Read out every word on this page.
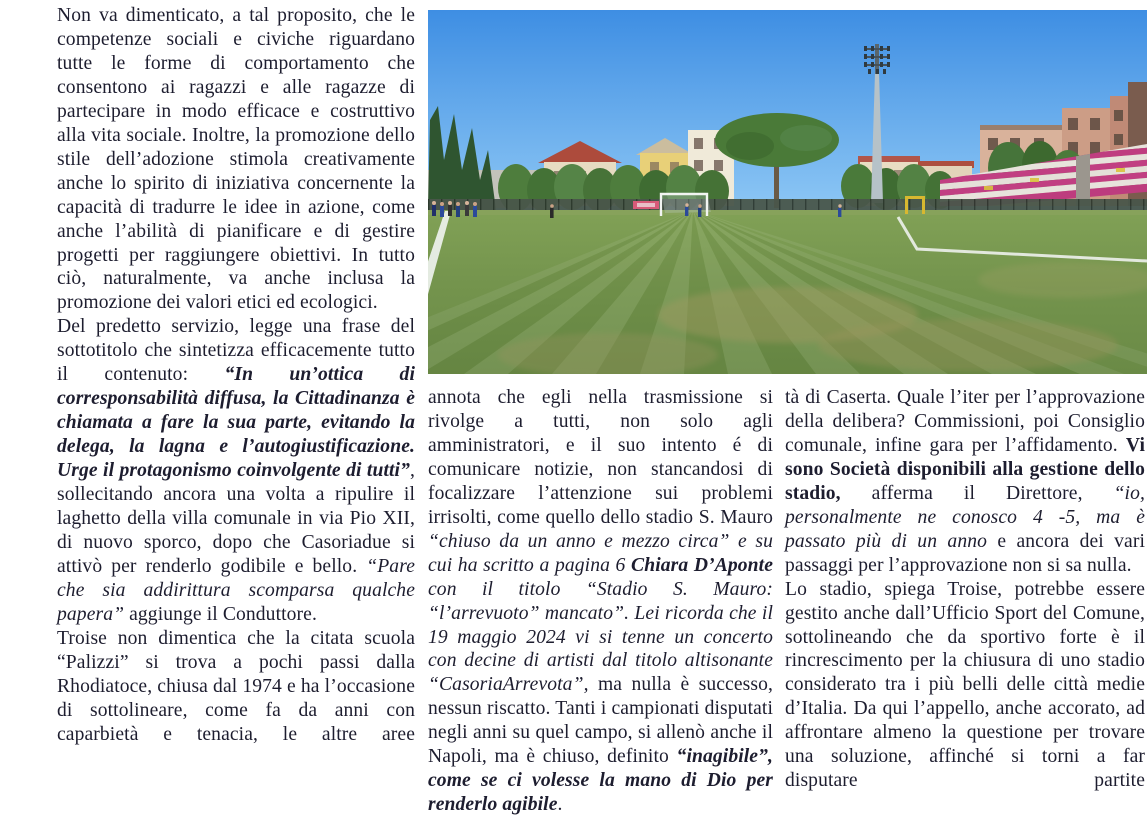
Non va dimenticato, a tal proposito, che le competenze sociali e civiche riguardano tutte le forme di comportamento che consentono ai ragazzi e alle ragazze di partecipare in modo efficace e costruttivo alla vita sociale. Inoltre, la promozione dello stile dell’adozione stimola creativamente anche lo spirito di iniziativa concernente la capacità di tradurre le idee in azione, come anche l’abilità di pianificare e di gestire progetti per raggiungere obiettivi. In tutto ciò, naturalmente, va anche inclusa la promozione dei valori etici ed ecologici.

Del predetto servizio, legge una frase del sottotitolo che sintetizza efficacemente tutto il contenuto: “In un’ottica di corresponsabilità diffusa, la Cittadinanza è chiamata a fare la sua parte, evitando la delega, la lagna e l’autogiustificazione. Urge il protagonismo coinvolgente di tutti”, sollecitando ancora una volta a ripulire il laghetto della villa comunale in via Pio XII, di nuovo sporco, dopo che Casoriadue si attivò per renderlo godibile e bello. “Pare che sia addirittura scomparsa qualche papera” aggiunge il Conduttore.

Troise non dimentica che la citata scuola “Palizzi” si trova a pochi passi dalla Rhodiatoce, chiusa dal 1974 e ha l’occasione di sottolineare, come fa da anni con caparbietà e tenacia, le altre aree

annota che egli nella trasmissione si rivolge a tutti, non solo agli amministratori, e il suo intento é di comunicare notizie, non stancandosi di focalizzare l’attenzione sui problemi irrisolti, come quello dello stadio S. Mauro “chiuso da un anno e mezzo circa” e su cui ha scritto a pagina 6 Chiara D’Aponte con il titolo “Stadio S. Mauro: “l’arrevuoto” mancato”. Lei ricorda che il 19 maggio 2024 vi si tenne un concerto con decine di artisti dal titolo altisonante “CasoriaArrevota”, ma nulla è successo, nessun riscatto. Tanti i campionati disputati negli anni su quel campo, si allenò anche il Napoli, ma è chiuso, definito “inagibile”, come se ci volesse la mano di Dio per renderlo agibile.

tà di Caserta. Quale l’iter per l’approvazione della delibera? Commissioni, poi Consiglio comunale, infine gara per l’affidamento. Vi sono Società disponibili alla gestione dello stadio, afferma il Direttore, “io, personalmente ne conosco 4 -5, ma è passato più di un anno e ancora dei vari passaggi per l’approvazione non si sa nulla.

Lo stadio, spiega Troise, potrebbe essere gestito anche dall’Ufficio Sport del Comune, sottolineando che da sportivo forte è il rincrescimento per la chiusura di uno stadio considerato tra i più belli delle città medie d’Italia. Da qui l’appello, anche accorato, ad affrontare almeno la questione per trovare una soluzione, affinché si torni a far disputare partite
